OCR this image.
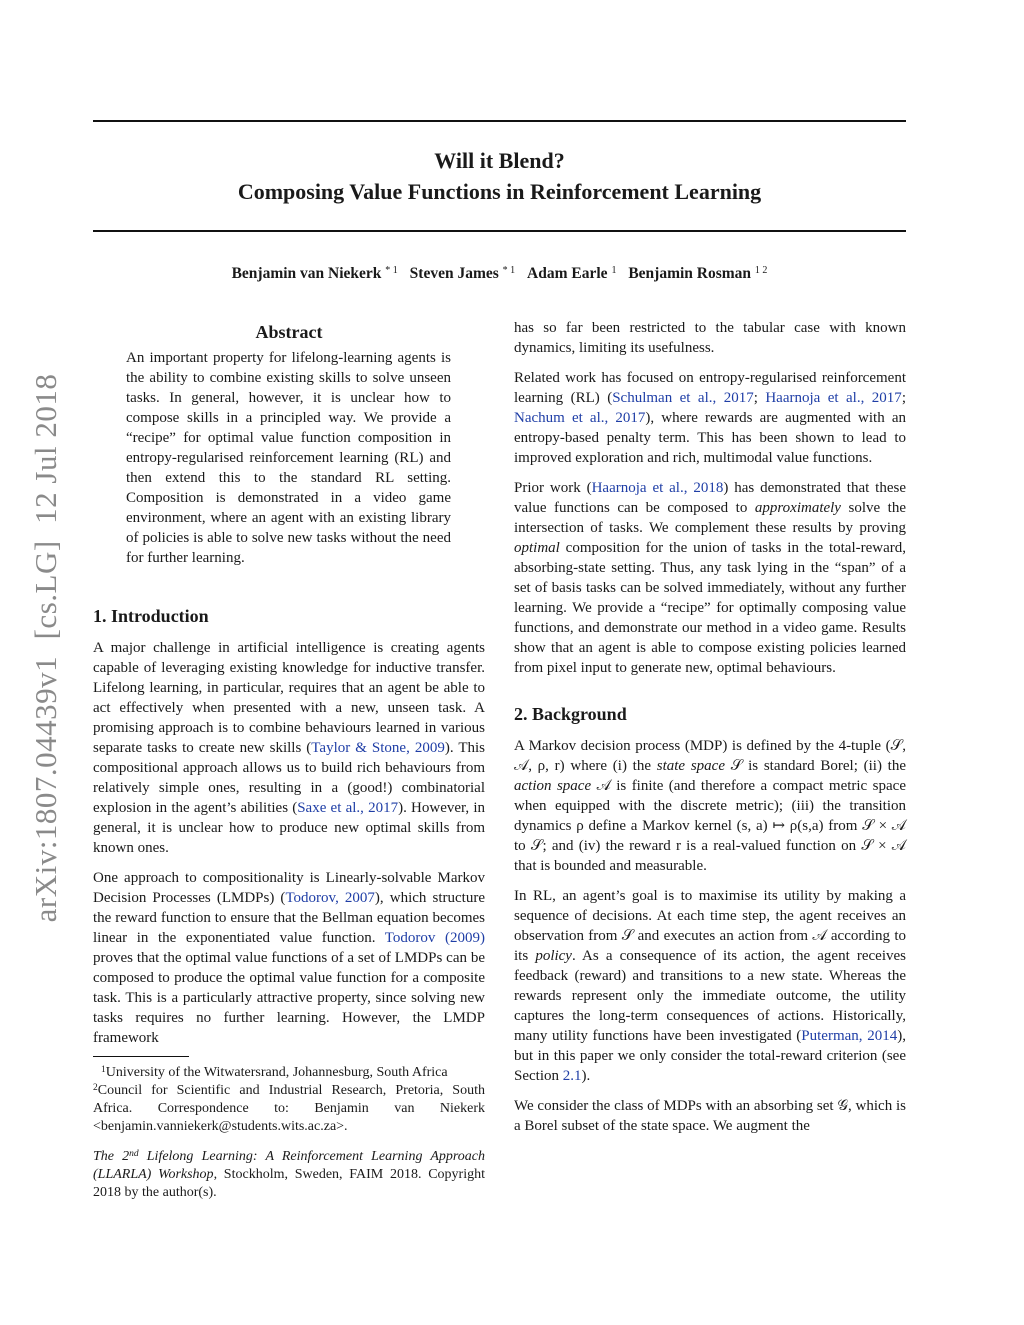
Will it Blend?
Composing Value Functions in Reinforcement Learning
Benjamin van Niekerk $^{* 1}$ Steven James $^{* 1}$ Adam Earle $^1$ Benjamin Rosman $^{1 2}$
arXiv:1807.04439v1  [cs.LG]  12 Jul 2018
Abstract

An important property for lifelong-learning agents is the ability to combine existing skills to solve unseen tasks. In general, however, it is unclear how to compose skills in a principled way. We provide a “recipe” for optimal value function composition in entropy-regularised reinforcement learning (RL) and then extend this to the standard RL setting. Composition is demonstrated in a video game environment, where an agent with an existing library of policies is able to solve new tasks without the need for further learning.

1. Introduction

A major challenge in artificial intelligence is creating agents capable of leveraging existing knowledge for inductive transfer. Lifelong learning, in particular, requires that an agent be able to act effectively when presented with a new, unseen task. A promising approach is to combine behaviours learned in various separate tasks to create new skills (Taylor & Stone, 2009). This compositional approach allows us to build rich behaviours from relatively simple ones, resulting in a (good!) combinatorial explosion in the agent’s abilities (Saxe et al., 2017). However, in general, it is unclear how to produce new optimal skills from known ones.

One approach to compositionality is Linearly-solvable Markov Decision Processes (LMDPs) (Todorov, 2007), which structure the reward function to ensure that the Bellman equation becomes linear in the exponentiated value function. Todorov (2009) proves that the optimal value functions of a set of LMDPs can be composed to produce the optimal value function for a composite task. This is a particularly attractive property, since solving new tasks requires no further learning. However, the LMDP framework

$^1$University of the Witwatersrand, Johannesburg, South Africa

$^2$Council for Scientific and Industrial Research, Pretoria, South Africa. Correspondence to: Benjamin van Niekerk <benjamin.vanniekerk@students.wits.ac.za>.

The 2nd Lifelong Learning: A Reinforcement Learning Approach (LLARLA) Workshop, Stockholm, Sweden, FAIM 2018. Copyright 2018 by the author(s).

has so far been restricted to the tabular case with known dynamics, limiting its usefulness.

Related work has focused on entropy-regularised reinforcement learning (RL) (Schulman et al., 2017; Haarnoja et al., 2017; Nachum et al., 2017), where rewards are augmented with an entropy-based penalty term. This has been shown to lead to improved exploration and rich, multimodal value functions.

Prior work (Haarnoja et al., 2018) has demonstrated that these value functions can be composed to approximately solve the intersection of tasks. We complement these results by proving optimal composition for the union of tasks in the total-reward, absorbing-state setting. Thus, any task lying in the “span” of a set of basis tasks can be solved immediately, without any further learning. We provide a “recipe” for optimally composing value functions, and demonstrate our method in a video game. Results show that an agent is able to compose existing policies learned from pixel input to generate new, optimal behaviours.

2. Background

A Markov decision process (MDP) is defined by the 4-tuple (𝒮, 𝒜, ρ, r) where (i) the state space 𝒮 is standard Borel; (ii) the action space 𝒜 is finite (and therefore a compact metric space when equipped with the discrete metric); (iii) the transition dynamics ρ define a Markov kernel (s, a) ↦ ρ(s,a) from 𝒮 × 𝒜 to 𝒮; and (iv) the reward r is a real-valued function on 𝒮 × 𝒜 that is bounded and measurable.

In RL, an agent’s goal is to maximise its utility by making a sequence of decisions. At each time step, the agent receives an observation from 𝒮 and executes an action from 𝒜 according to its policy. As a consequence of its action, the agent receives feedback (reward) and transitions to a new state. Whereas the rewards represent only the immediate outcome, the utility captures the long-term consequences of actions. Historically, many utility functions have been investigated (Puterman, 2014), but in this paper we only consider the total-reward criterion (see Section 2.1).

We consider the class of MDPs with an absorbing set 𝒢, which is a Borel subset of the state space. We augment the
